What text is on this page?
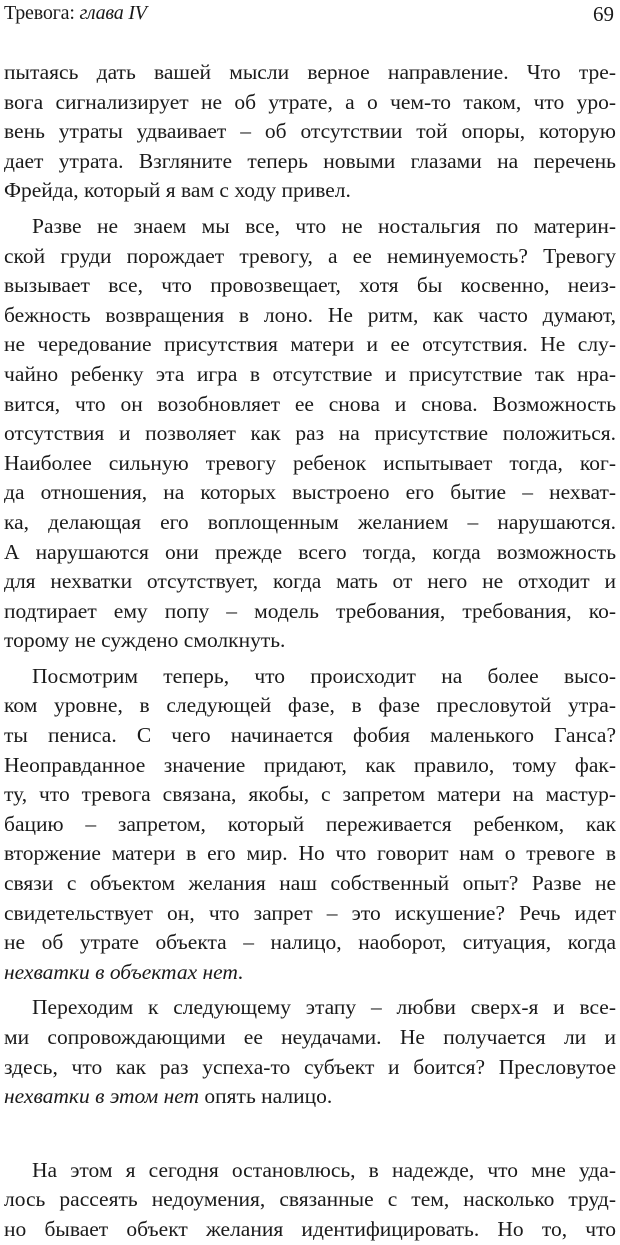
Тревога: глава IV	69
пытаясь дать вашей мысли верное направление. Что тре-
вога сигнализирует не об утрате, а о чем-то таком, что уро-
вень утраты удваивает – об отсутствии той опоры, которую
дает утрата. Взгляните теперь новыми глазами на перечень
Фрейда, который я вам с ходу привел.
Разве не знаем мы все, что не ностальгия по материн-
ской груди порождает тревогу, а ее неминуемость? Тревогу
вызывает все, что провозвещает, хотя бы косвенно, неиз-
бежность возвращения в лоно. Не ритм, как часто думают,
не чередование присутствия матери и ее отсутствия. Не слу-
чайно ребенку эта игра в отсутствие и присутствие так нра-
вится, что он возобновляет ее снова и снова. Возможность
отсутствия и позволяет как раз на присутствие положиться.
Наиболее сильную тревогу ребенок испытывает тогда, ког-
да отношения, на которых выстроено его бытие – нехват-
ка, делающая его воплощенным желанием – нарушаются.
А нарушаются они прежде всего тогда, когда возможность
для нехватки отсутствует, когда мать от него не отходит и
подтирает ему попу – модель требования, требования, ко-
торому не суждено смолкнуть.
Посмотрим теперь, что происходит на более высо-
ком уровне, в следующей фазе, в фазе пресловутой утра-
ты пениса. С чего начинается фобия маленького Ганса?
Неоправданное значение придают, как правило, тому фак-
ту, что тревога связана, якобы, с запретом матери на мастур-
бацию – запретом, который переживается ребенком, как
вторжение матери в его мир. Но что говорит нам о тревоге в
связи с объектом желания наш собственный опыт? Разве не
свидетельствует он, что запрет – это искушение? Речь идет
не об утрате объекта – налицо, наоборот, ситуация, когда
нехватки в объектах нет.
Переходим к следующему этапу – любви сверх-я и все-
ми сопровождающими ее неудачами. Не получается ли и
здесь, что как раз успеха-то субъект и боится? Пресловутое
нехватки в этом нет опять налицо.
На этом я сегодня остановлюсь, в надежде, что мне уда-
лось рассеять недоумения, связанные с тем, насколько труд-
но бывает объект желания идентифицировать. Но то, что
